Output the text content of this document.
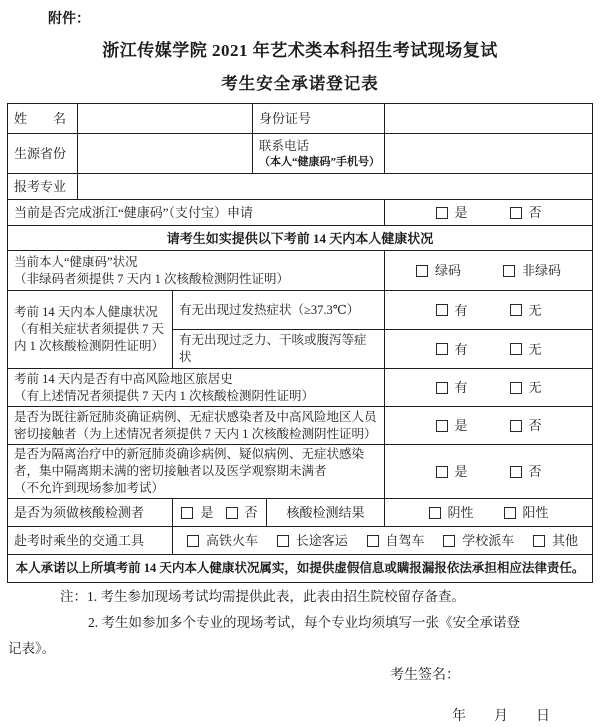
附件：
浙江传媒学院 2021 年艺术类本科招生考试现场复试
考生安全承诺登记表
姓　　名			身份证号		
生源省份			联系电话
（本人“健康码”手机号）		

报考专业					
当前是否完成浙江“健康码”（支付宝）申请					是 否

请考生如实提供以下考前 14 天内本人健康状况					

当前本人“健康码”状况
（非绿码者须提供 7 天内 1 次核酸检测阴性证明）

绿码	非绿码

考前 14 天内本人健康状况
（有相关症状者须提供 7 天内 1 次核酸检测阴性证明）
	有无出现过发热症状（≥37.3℃）	有	无

		有无出现过乏力、干咳或腹泻等症状			有 无

考前 14 天内是否有中高风险地区旅居史
（有上述情况者须提供 7 天内 1 次核酸检测阴性证明）

有	无

是否为既往新冠肺炎确证病例、无症状感染者及中高风险地区人员密切接触者（为上述情况者须提供 7 天内 1 次核酸检测阴性证明）					是 否

是否为隔离治疗中的新冠肺炎确诊病例、疑似病例、无症状感染者，集中隔离期未满的密切接触者以及医学观察期未满者
（不允许到现场参加考试）

是	否

是否为须做核酸检测者		是 否		核酸检测结果	阴性 阳性

赴考时乘坐的交通工具		高铁火车 长途客运 自驾车 学校派车 其他			

本人承诺以上所填考前 14 天内本人健康状况属实，如提供虚假信息或瞒报漏报依法承担相应法律责任。					
注：1. 考生参加现场考试均需提供此表，此表由招生院校留存备查。
2. 考生如参加多个专业的现场考试，每个专业均须填写一张《安全承诺登记表》。
考生签名：
年 月 日
